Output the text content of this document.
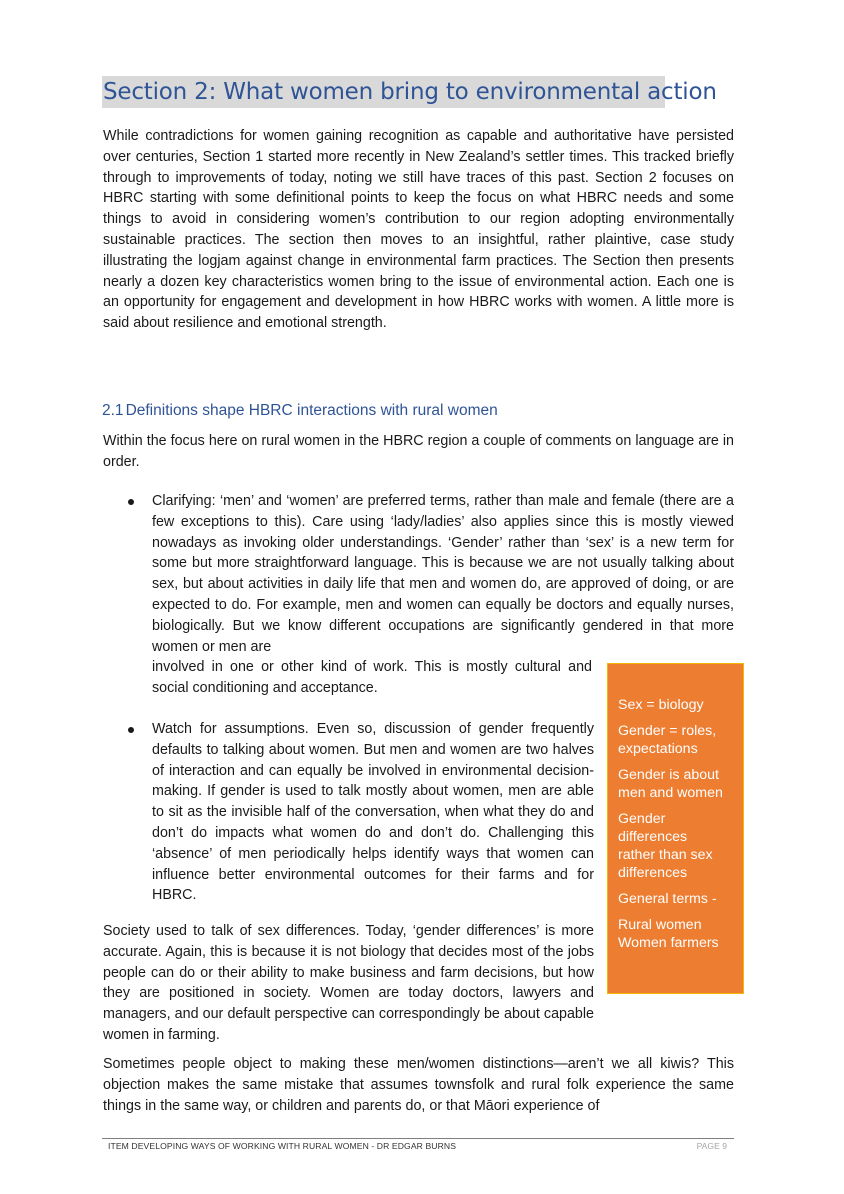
Section 2: What women bring to environmental action

While contradictions for women gaining recognition as capable and authoritative have persisted over centuries, Section 1 started more recently in New Zealand’s settler times. This tracked briefly through to improvements of today, noting we still have traces of this past. Section 2 focuses on HBRC starting with some definitional points to keep the focus on what HBRC needs and some things to avoid in considering women’s contribution to our region adopting environmentally sustainable practices. The section then moves to an insightful, rather plaintive, case study illustrating the logjam against change in environmental farm practices. The Section then presents nearly a dozen key characteristics women bring to the issue of environmental action. Each one is an opportunity for engagement and development in how HBRC works with women. A little more is said about resilience and emotional strength.

2.1 Definitions shape HBRC interactions with rural women

Within the focus here on rural women in the HBRC region a couple of comments on language are in order.

Clarifying: ‘men’ and ‘women’ are preferred terms, rather than male and female (there are a few exceptions to this). Care using ‘lady/ladies’ also applies since this is mostly viewed nowadays as invoking older understandings. ‘Gender’ rather than ‘sex’ is a new term for some but more straightforward language. This is because we are not usually talking about sex, but about activities in daily life that men and women do, are approved of doing, or are expected to do. For example, men and women can equally be doctors and equally nurses, biologically. But we know different occupations are significantly gendered in that more women or men are
involved in one or other kind of work. This is mostly cultural and social conditioning and acceptance.
Watch for assumptions. Even so, discussion of gender frequently defaults to talking about women. But men and women are two halves of interaction and can equally be involved in environmental decision-making. If gender is used to talk mostly about women, men are able to sit as the invisible half of the conversation, when what they do and don’t do impacts what women do and don’t do. Challenging this ‘absence’ of men periodically helps identify ways that women can influence better environmental outcomes for their farms and for HBRC.

Society used to talk of sex differences. Today, ‘gender differences’ is more accurate. Again, this is because it is not biology that decides most of the jobs people can do or their ability to make business and farm decisions, but how they are positioned in society. Women are today doctors, lawyers and managers, and our default perspective can correspondingly be about capable women in farming.

Sometimes people object to making these men/women distinctions—aren’t we all kiwis? This objection makes the same mistake that assumes townsfolk and rural folk experience the same things in the same way, or children and parents do, or that Māori experience of

Sex = biology
Gender = roles,
expectations
Gender is about
men and women
Gender
differences
rather than sex
differences
General terms -
Rural women
Women farmers
ITEM DEVELOPING WAYS OF WORKING WITH RURAL WOMEN - DR EDGAR BURNS	PAGE 9
